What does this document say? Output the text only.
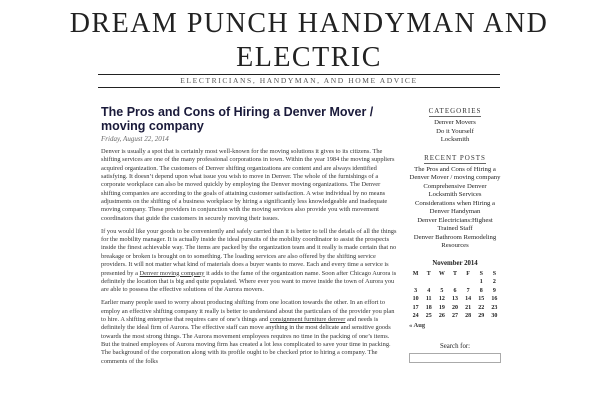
DREAM PUNCH HANDYMAN AND ELECTRIC
ELECTRICIANS, HANDYMAN, AND HOME ADVICE
The Pros and Cons of Hiring a Denver Mover / moving company
Friday, August 22, 2014

Denver is usually a spot that is certainly most well-known for the moving solutions it gives to its citizens. The shifting services are one of the many professional corporations in town. Within the year 1984 the moving suppliers acquired organization. The customers of Denver shifting organizations are content and are always identified satisfying. It doesn’t depend upon what issue you wish to move in Denver. The whole of the furnishings of a corporate workplace can also be moved quickly by employing the Denver moving organizations. The Denver shifting companies are according to the goals of attaining customer satisfaction. A wise individual by no means adjustments on the shifting of a business workplace by hiring a significantly less knowledgeable and inadequate moving company. These providers in conjunction with the moving services also provide you with movement coordinators that guide the customers in securely moving their issues.

If you would like your goods to be conveniently and safely carried than it is better to tell the details of all the things for the mobility manager. It is actually inside the ideal pursuits of the mobility coordinator to assist the prospects inside the finest achievable way. The items are packed by the organization team and it really is made certain that no breakage or broken is brought on to something. The loading services are also offered by the shifting service providers. It will not matter what kind of materials does a buyer wants to move. Each and every time a service is presented by a Denver moving company it adds to the fame of the organization name. Soon after Chicago Aurora is definitely the location that is big and quite populated. Where ever you want to move inside the town of Aurora you are able to possess the effective solutions of the Aurora movers.

Earlier many people used to worry about producing shifting from one location towards the other. In an effort to employ an effective shifting company it really is better to understand about the particulars of the provider you plan to hire. A shifting enterprise that requires care of one’s things and consignment furniture denver and needs is definitely the ideal firm of Aurora. The effective staff can move anything in the most delicate and sensitive goods towards the most strong things. The Aurora movement employees requires no time in the packing of one’s items. But the trained employees of Aurora moving firm has created a lot less complicated to save your time in packing. The background of the corporation along with its profile ought to be checked prior to hiring a company. The comments of the folks

CATEGORIES
Denver Movers
Do it Yourself
Locksmith
RECENT POSTS
The Pros and Cons of Hiring a Denver Mover / moving company
Comprehensive Denver Locksmith Services
Considerations when Hiring a Denver Handyman
Denver Electricians:Highest Trained Staff
Denver Bathroom Remodeling Resources
November 2014
M	T	W	T	F	S	S
					1	2
3	4	5	6	7	8	9
10	11	12	13	14	15	16
17	18	19	20	21	22	23
24	25	26	27	28	29	30
« Aug
Search for:
